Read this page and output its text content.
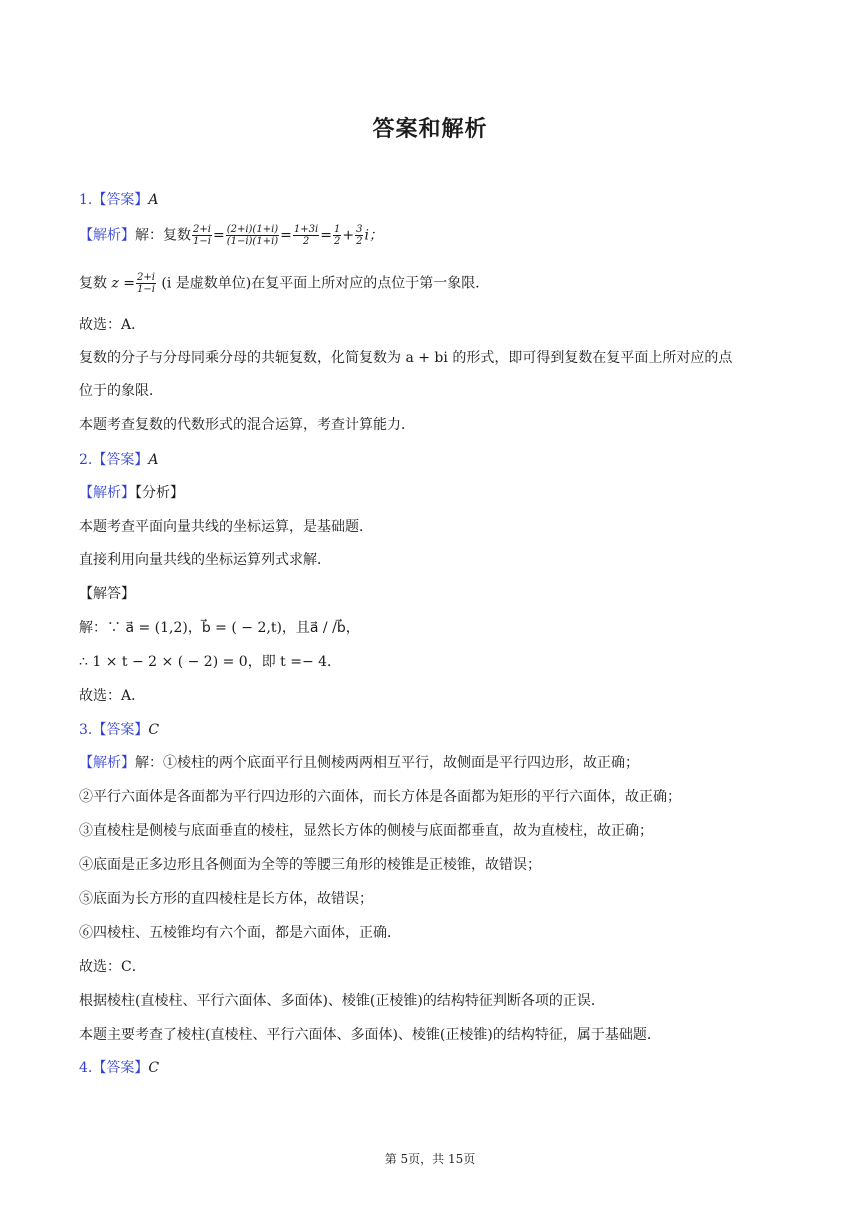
答案和解析
1.【答案】A
【解析】解：复数 $\frac{2+i}{1-i} = \frac{(2+i)(1+i)}{(1-i)(1+i)} = \frac{1+3i}{2} = \frac{1}{2} + \frac{3}{2}$ i；
复数 $z = \frac{2+i}{1-i} (i$ 是虚数单位)在复平面上所对应的点位于第一象限．
故选：A．
复数的分子与分母同乘分母的共轭复数，化简复数为 a + bi 的形式，即可得到复数在复平面上所对应的点
位于的象限．
本题考查复数的代数形式的混合运算，考查计算能力．
2.【答案】A
【解析】【分析】
本题考查平面向量共线的坐标运算，是基础题．
直接利用向量共线的坐标运算列式求解．
【解答】
解：∵ a⃗ = (1,2)，b⃗ = ( − 2,t)，且a⃗ / /b⃗，
∴ 1 × t − 2 × ( − 2) = 0，即 t =− 4．
故选：A．
3.【答案】C
【解析】解：①棱柱的两个底面平行且侧棱两两相互平行，故侧面是平行四边形，故正确；
②平行六面体是各面都为平行四边形的六面体，而长方体是各面都为矩形的平行六面体，故正确；
③直棱柱是侧棱与底面垂直的棱柱，显然长方体的侧棱与底面都垂直，故为直棱柱，故正确；
④底面是正多边形且各侧面为全等的等腰三角形的棱锥是正棱锥，故错误；
⑤底面为长方形的直四棱柱是长方体，故错误；
⑥四棱柱、五棱锥均有六个面，都是六面体，正确．
故选：C．
根据棱柱(直棱柱、平行六面体、多面体)、棱锥(正棱锥)的结构特征判断各项的正误．
本题主要考查了棱柱(直棱柱、平行六面体、多面体)、棱锥(正棱锥)的结构特征，属于基础题．
4.【答案】C
第 5页，共 15页
